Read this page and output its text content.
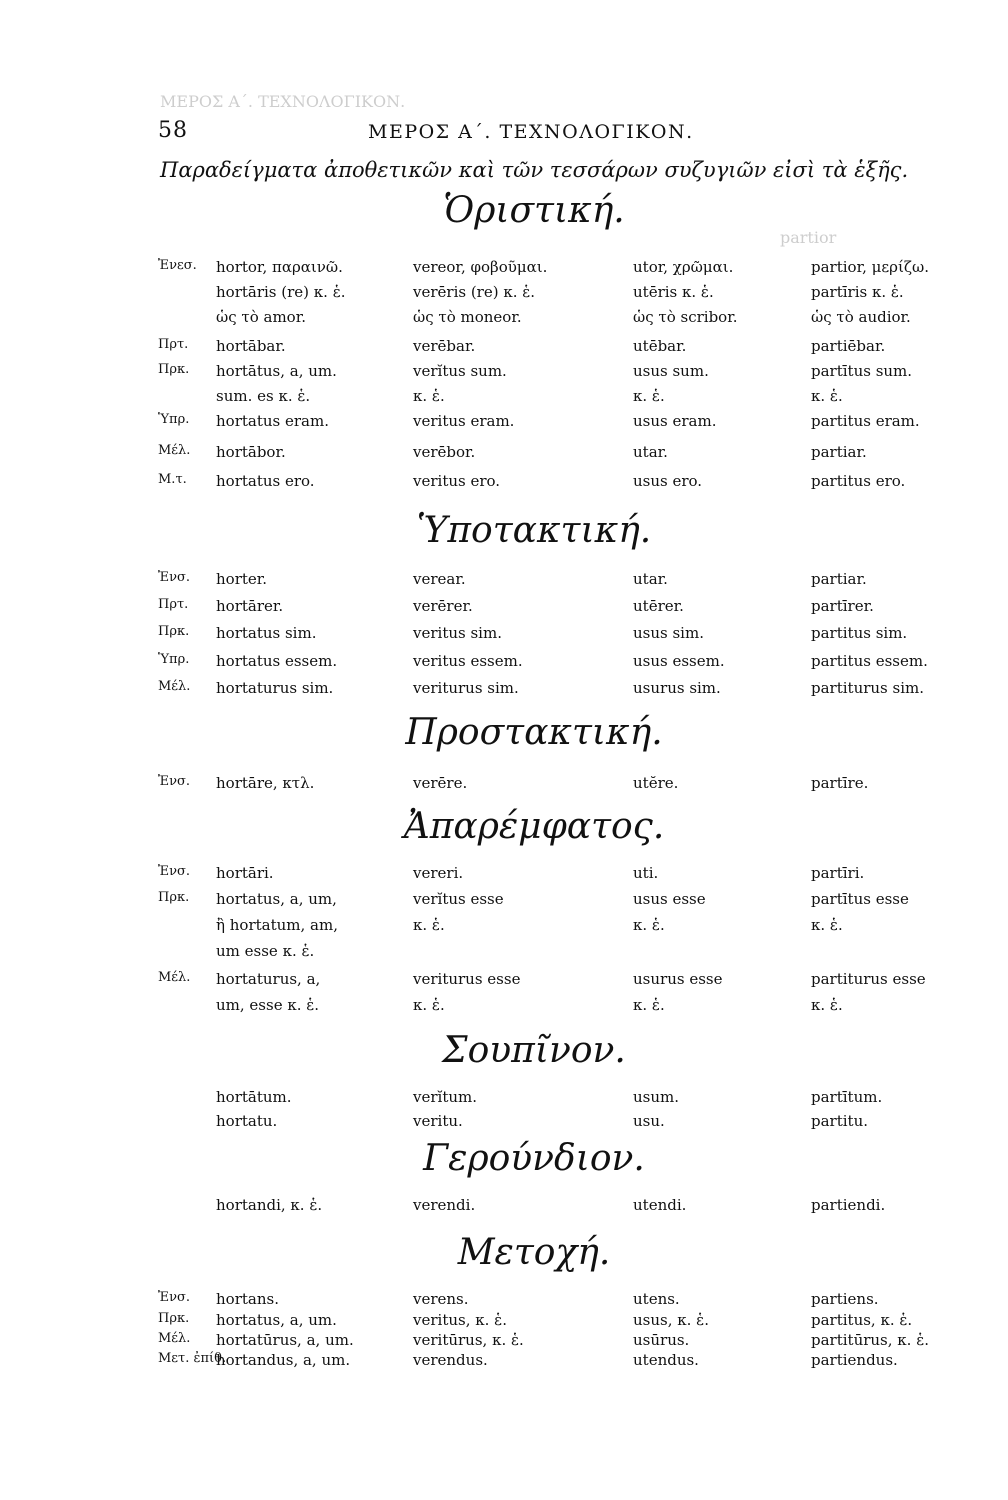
ΜΕΡΟΣ Α΄. ΤΕΧΝΟΛΟΓΙΚΟΝ.
partior
58	ΜΕΡΟΣ Α΄. ΤΕΧΝΟΛΟΓΙΚΟΝ.
Παραδείγματα ἀποθετικῶν καὶ τῶν τεσσάρων συζυγιῶν εἰσὶ τὰ ἑξῆς.
Ὁριστική.
Ἐνεσ. hortor, παραινῶ.	vereor, φοβοῦμαι.	utor, χρῶμαι.	partior, μερίζω.
hortāris (re) κ. ἑ.	verēris (re) κ. ἑ.	utēris κ. ἑ.	partīris κ. ἑ.
ὡς τὸ amor.	ὡς τὸ moneor.	ὡς τὸ scribor.	ὡς τὸ audior.
Πρτ. hortābar.	verēbar.	utēbar.	partiēbar.
Πρκ. hortātus, a, um.	verĭtus sum.	usus sum.	partītus sum.
sum. es κ. ἑ.	κ. ἑ.	κ. ἑ.	κ. ἑ.
Ὑπρ. hortatus eram.	veritus eram.	usus eram.	partitus eram.
Μέλ. hortābor.	verēbor.	utar.	partiar.
Μ.τ. hortatus ero.	veritus ero.	usus ero.	partitus ero.
Ὑποτακτική.
Ἐνσ. horter.	verear.	utar.	partiar.
Πρτ. hortārer.	verērer.	utērer.	partīrer.
Πρκ. hortatus sim.	veritus sim.	usus sim.	partitus sim.
Ὑπρ. hortatus essem.	veritus essem.	usus essem.	partitus essem.
Μέλ. hortaturus sim.	veriturus sim.	usurus sim.	partiturus sim.
Προστακτική.
Ἐνσ. hortāre, κτλ.	verēre.	utĕre.	partīre.
Ἀπαρέμφατος.
Ἐνσ. hortāri.	vereri.	uti.	partīri.
Πρκ. hortatus, a, um,	verĭtus esse	usus esse	partītus esse
ἢ hortatum, am,	κ. ἑ.	κ. ἑ.	κ. ἑ.
um esse κ. ἑ.
Μέλ. hortaturus, a,	veriturus esse	usurus esse	partiturus esse
um, esse κ. ἑ.	κ. ἑ.	κ. ἑ.	κ. ἑ.
Σουπῖνον.
hortātum.	verĭtum.	usum.	partītum.
hortatu.	veritu.	usu.	partitu.
Γερούνδιον.
hortandi, κ. ἑ.	verendi.	utendi.	partiendi.
Μετοχή.
Ἐνσ. hortans.	verens.	utens.	partiens.
Πρκ. hortatus, a, um.	veritus, κ. ἑ.	usus, κ. ἑ.	partitus, κ. ἑ.
Μέλ. hortatūrus, a, um.	veritūrus, κ. ἑ.	usūrus.	partitūrus, κ. ἑ.
Μετ. ἐπίθ.
hortandus, a, um.	verendus.	utendus.	partiendus.
